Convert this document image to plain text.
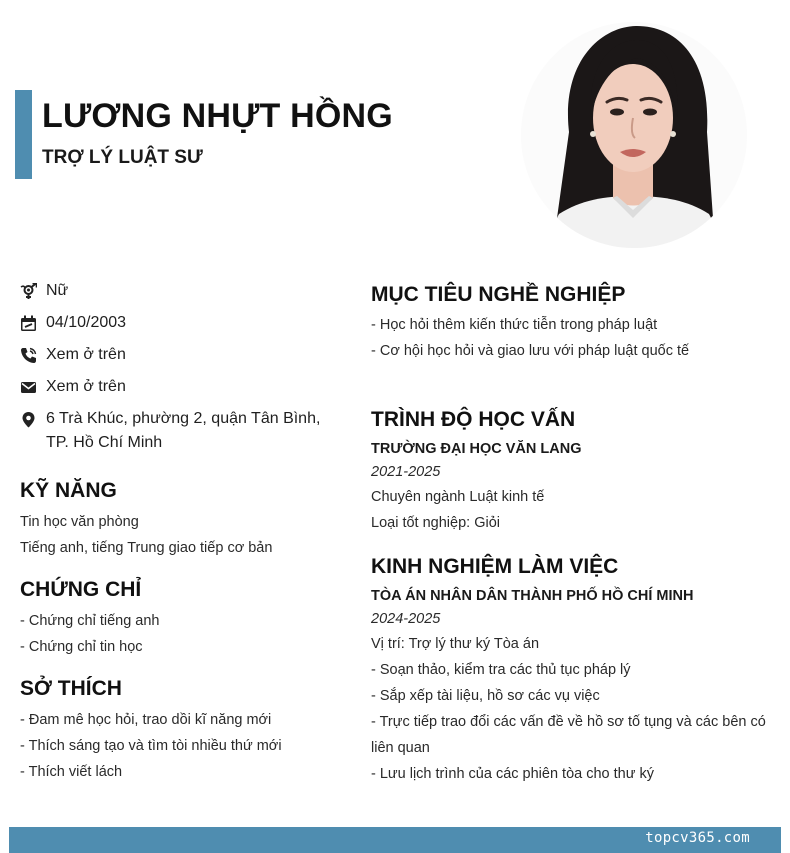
LƯƠNG NHỰT HỒNG
TRỢ LÝ LUẬT SƯ
Nữ
04/10/2003
Xem ở trên
Xem ở trên
6 Trà Khúc, phường 2, quận Tân Bình, TP. Hồ Chí Minh
KỸ NĂNG
Tin học văn phòng
Tiếng anh, tiếng Trung giao tiếp cơ bản
CHỨNG CHỈ
- Chứng chỉ tiếng anh
- Chứng chỉ tin học
SỞ THÍCH
- Đam mê học hỏi, trao dồi kĩ năng mới
- Thích sáng tạo và tìm tòi nhiều thứ mới
- Thích viết lách
MỤC TIÊU NGHỀ NGHIỆP
- Học hỏi thêm kiến thức tiễn trong pháp luật
- Cơ hội học hỏi và giao lưu với pháp luật quốc tế
TRÌNH ĐỘ HỌC VẤN
TRƯỜNG ĐẠI HỌC VĂN LANG
2021-2025
Chuyên ngành Luật kinh tế
Loại tốt nghiệp: Giỏi
KINH NGHIỆM LÀM VIỆC
TÒA ÁN NHÂN DÂN THÀNH PHỐ HỒ CHÍ MINH
2024-2025
Vị trí: Trợ lý thư ký Tòa án
- Soạn thảo, kiểm tra các thủ tục pháp lý
- Sắp xếp tài liệu, hồ sơ các vụ việc
- Trực tiếp trao đổi các vấn đề về hồ sơ tố tụng và các bên có
liên quan
- Lưu lịch trình của các phiên tòa cho thư ký
topcv365.com
